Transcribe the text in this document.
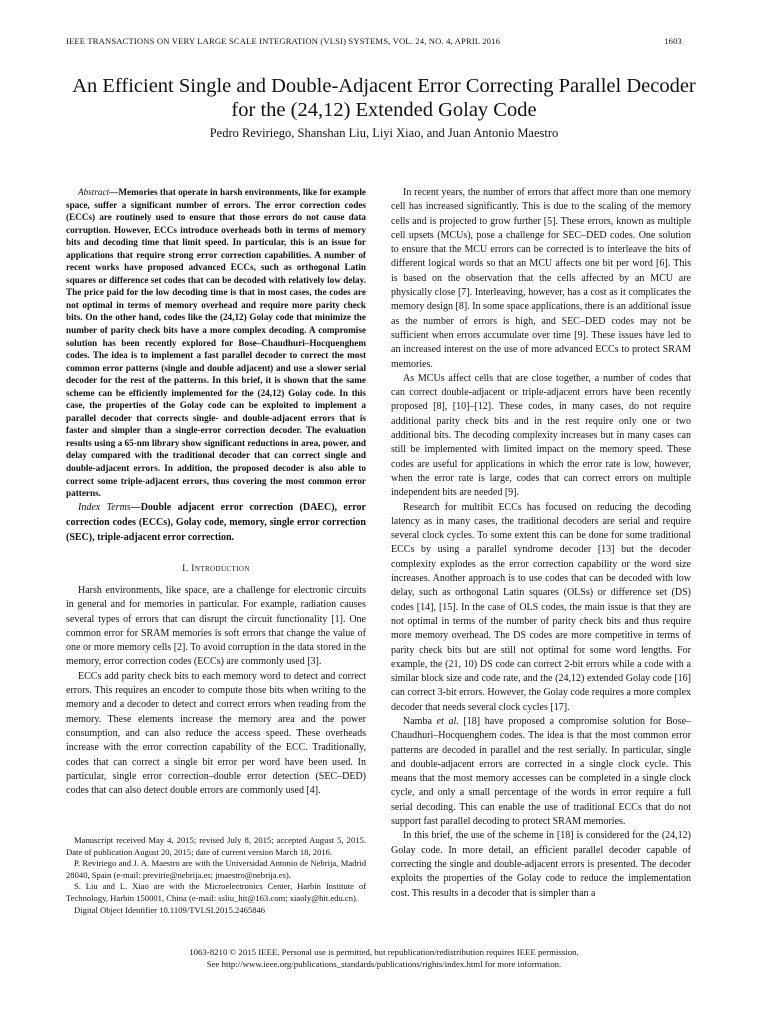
IEEE TRANSACTIONS ON VERY LARGE SCALE INTEGRATION (VLSI) SYSTEMS, VOL. 24, NO. 4, APRIL 2016	1603
An Efficient Single and Double-Adjacent Error Correcting Parallel Decoder
for the (24,12) Extended Golay Code
Pedro Reviriego, Shanshan Liu, Liyi Xiao, and Juan Antonio Maestro

Abstract—Memories that operate in harsh environments, like for example space, suffer a significant number of errors. The error correction codes (ECCs) are routinely used to ensure that those errors do not cause data corruption. However, ECCs introduce overheads both in terms of memory bits and decoding time that limit speed. In particular, this is an issue for applications that require strong error correction capabilities. A number of recent works have proposed advanced ECCs, such as orthogonal Latin squares or difference set codes that can be decoded with relatively low delay. The price paid for the low decoding time is that in most cases, the codes are not optimal in terms of memory overhead and require more parity check bits. On the other hand, codes like the (24,12) Golay code that minimize the number of parity check bits have a more complex decoding. A compromise solution has been recently explored for Bose–Chaudhuri–Hocquenghem codes. The idea is to implement a fast parallel decoder to correct the most common error patterns (single and double adjacent) and use a slower serial decoder for the rest of the patterns. In this brief, it is shown that the same scheme can be efficiently implemented for the (24,12) Golay code. In this case, the properties of the Golay code can be exploited to implement a parallel decoder that corrects single- and double-adjacent errors that is faster and simpler than a single-error correction decoder. The evaluation results using a 65-nm library show significant reductions in area, power, and delay compared with the traditional decoder that can correct single and double-adjacent errors. In addition, the proposed decoder is also able to correct some triple-adjacent errors, thus covering the most common error patterns.

Index Terms—Double adjacent error correction (DAEC), error correction codes (ECCs), Golay code, memory, single error correction (SEC), triple-adjacent error correction.

I. Introduction

Harsh environments, like space, are a challenge for electronic circuits in general and for memories in particular. For example, radiation causes several types of errors that can disrupt the circuit functionality [1]. One common error for SRAM memories is soft errors that change the value of one or more memory cells [2]. To avoid corruption in the data stored in the memory, error correction codes (ECCs) are commonly used [3].

ECCs add parity check bits to each memory word to detect and correct errors. This requires an encoder to compute those bits when writing to the memory and a decoder to detect and correct errors when reading from the memory. These elements increase the memory area and the power consumption, and can also reduce the access speed. These overheads increase with the error correction capability of the ECC. Traditionally, codes that can correct a single bit error per word have been used. In particular, single error correction–double error detection (SEC–DED) codes that can also detect double errors are commonly used [4].

Manuscript received May 4, 2015; revised July 8, 2015; accepted August 5, 2015. Date of publication August 20, 2015; date of current version March 18, 2016.

P. Reviriego and J. A. Maestro are with the Universidad Antonio de Nebrija, Madrid 28040, Spain (e-mail: previrie@nebrija.es; jmaestro@nebrija.es).

S. Liu and L. Xiao are with the Microelectronics Center, Harbin Institute of Technology, Harbin 150001, China (e-mail: ssliu_hit@163.com; xiaoly@hit.edu.cn).

Digital Object Identifier 10.1109/TVLSI.2015.2465846

In recent years, the number of errors that affect more than one memory cell has increased significantly. This is due to the scaling of the memory cells and is projected to grow further [5]. These errors, known as multiple cell upsets (MCUs), pose a challenge for SEC–DED codes. One solution to ensure that the MCU errors can be corrected is to interleave the bits of different logical words so that an MCU affects one bit per word [6]. This is based on the observation that the cells affected by an MCU are physically close [7]. Interleaving, however, has a cost as it complicates the memory design [8]. In some space applications, there is an additional issue as the number of errors is high, and SEC–DED codes may not be sufficient when errors accumulate over time [9]. These issues have led to an increased interest on the use of more advanced ECCs to protect SRAM memories.

As MCUs affect cells that are close together, a number of codes that can correct double-adjacent or triple-adjacent errors have been recently proposed [8], [10]–[12]. These codes, in many cases, do not require additional parity check bits and in the rest require only one or two additional bits. The decoding complexity increases but in many cases can still be implemented with limited impact on the memory speed. These codes are useful for applications in which the error rate is low, however, when the error rate is large, codes that can correct errors on multiple independent bits are needed [9].

Research for multibit ECCs has focused on reducing the decoding latency as in many cases, the traditional decoders are serial and require several clock cycles. To some extent this can be done for some traditional ECCs by using a parallel syndrome decoder [13] but the decoder complexity explodes as the error correction capability or the word size increases. Another approach is to use codes that can be decoded with low delay, such as orthogonal Latin squares (OLSs) or difference set (DS) codes [14], [15]. In the case of OLS codes, the main issue is that they are not optimal in terms of the number of parity check bits and thus require more memory overhead. The DS codes are more competitive in terms of parity check bits but are still not optimal for some word lengths. For example, the (21, 10) DS code can correct 2-bit errors while a code with a similar block size and code rate, and the (24,12) extended Golay code [16] can correct 3-bit errors. However, the Golay code requires a more complex decoder that needs several clock cycles [17].

Namba et al. [18] have proposed a compromise solution for Bose–Chaudhuri–Hocquenghem codes. The idea is that the most common error patterns are decoded in parallel and the rest serially. In particular, single and double-adjacent errors are corrected in a single clock cycle. This means that the most memory accesses can be completed in a single clock cycle, and only a small percentage of the words in error require a full serial decoding. This can enable the use of traditional ECCs that do not support fast parallel decoding to protect SRAM memories.

In this brief, the use of the scheme in [18] is considered for the (24,12) Golay code. In more detail, an efficient parallel decoder capable of correcting the single and double-adjacent errors is presented. The decoder exploits the properties of the Golay code to reduce the implementation cost. This results in a decoder that is simpler than a

1063-8210 © 2015 IEEE. Personal use is permitted, but republication/redistribution requires IEEE permission.
See http://www.ieee.org/publications_standards/publications/rights/index.html for more information.
